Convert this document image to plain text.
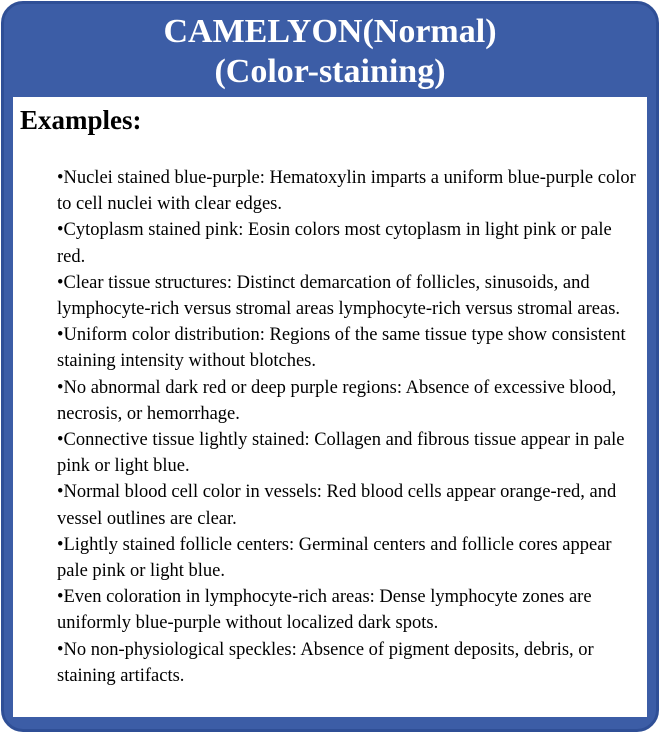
CAMELYON(Normal)
(Color-staining)
Examples:
•Nuclei stained blue-purple: Hematoxylin imparts a uniform blue-purple color to cell nuclei with clear edges.
•Cytoplasm stained pink: Eosin colors most cytoplasm in light pink or pale red.
•Clear tissue structures: Distinct demarcation of follicles, sinusoids, and lymphocyte-rich versus stromal areas lymphocyte-rich versus stromal areas.
•Uniform color distribution: Regions of the same tissue type show consistent staining intensity without blotches.
•No abnormal dark red or deep purple regions: Absence of excessive blood, necrosis, or hemorrhage.
•Connective tissue lightly stained: Collagen and fibrous tissue appear in pale pink or light blue.
•Normal blood cell color in vessels: Red blood cells appear orange-red, and vessel outlines are clear.
•Lightly stained follicle centers: Germinal centers and follicle cores appear pale pink or light blue.
•Even coloration in lymphocyte-rich areas: Dense lymphocyte zones are uniformly blue-purple without localized dark spots.
•No non-physiological speckles: Absence of pigment deposits, debris, or staining artifacts.
